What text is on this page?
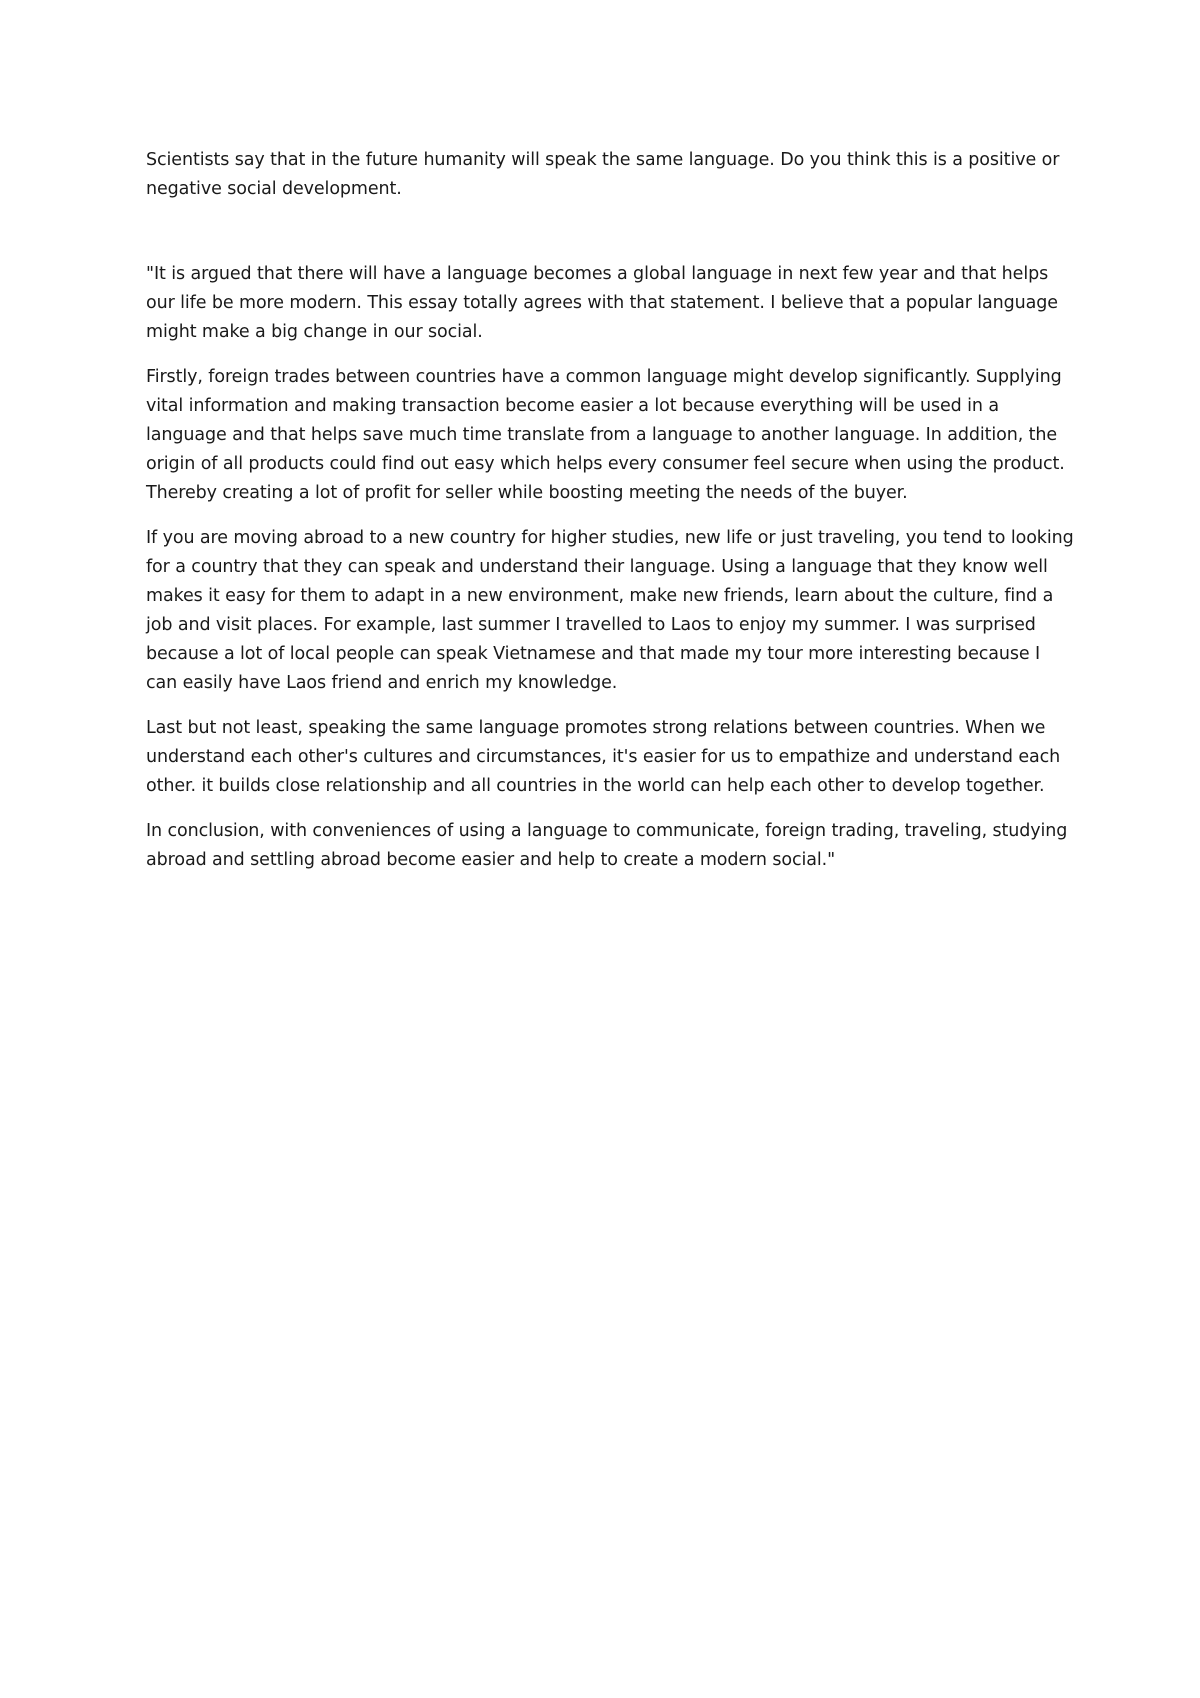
Scientists say that in the future humanity will speak the same language. Do you think this is a positive or negative social development.

"It is argued that there will have a language becomes a global language in next few year and that helps our life be more modern. This essay totally agrees with that statement. I believe that a popular language might make a big change in our social.

Firstly, foreign trades between countries have a common language might develop significantly. Supplying vital information and making transaction become easier a lot because everything will be used in a language and that helps save much time translate from a language to another language. In addition, the origin of all products could find out easy which helps every consumer feel secure when using the product. Thereby creating a lot of profit for seller while boosting meeting the needs of the buyer.

If you are moving abroad to a new country for higher studies, new life or just traveling, you tend to looking for a country that they can speak and understand their language. Using a language that they know well makes it easy for them to adapt in a new environment, make new friends, learn about the culture, find a job and visit places. For example, last summer I travelled to Laos to enjoy my summer. I was surprised because a lot of local people can speak Vietnamese and that made my tour more interesting because I can easily have Laos friend and enrich my knowledge.

Last but not least, speaking the same language promotes strong relations between countries. When we understand each other's cultures and circumstances, it's easier for us to empathize and understand each other. it builds close relationship and all countries in the world can help each other to develop together.

In conclusion, with conveniences of using a language to communicate, foreign trading, traveling, studying abroad and settling abroad become easier and help to create a modern social."
